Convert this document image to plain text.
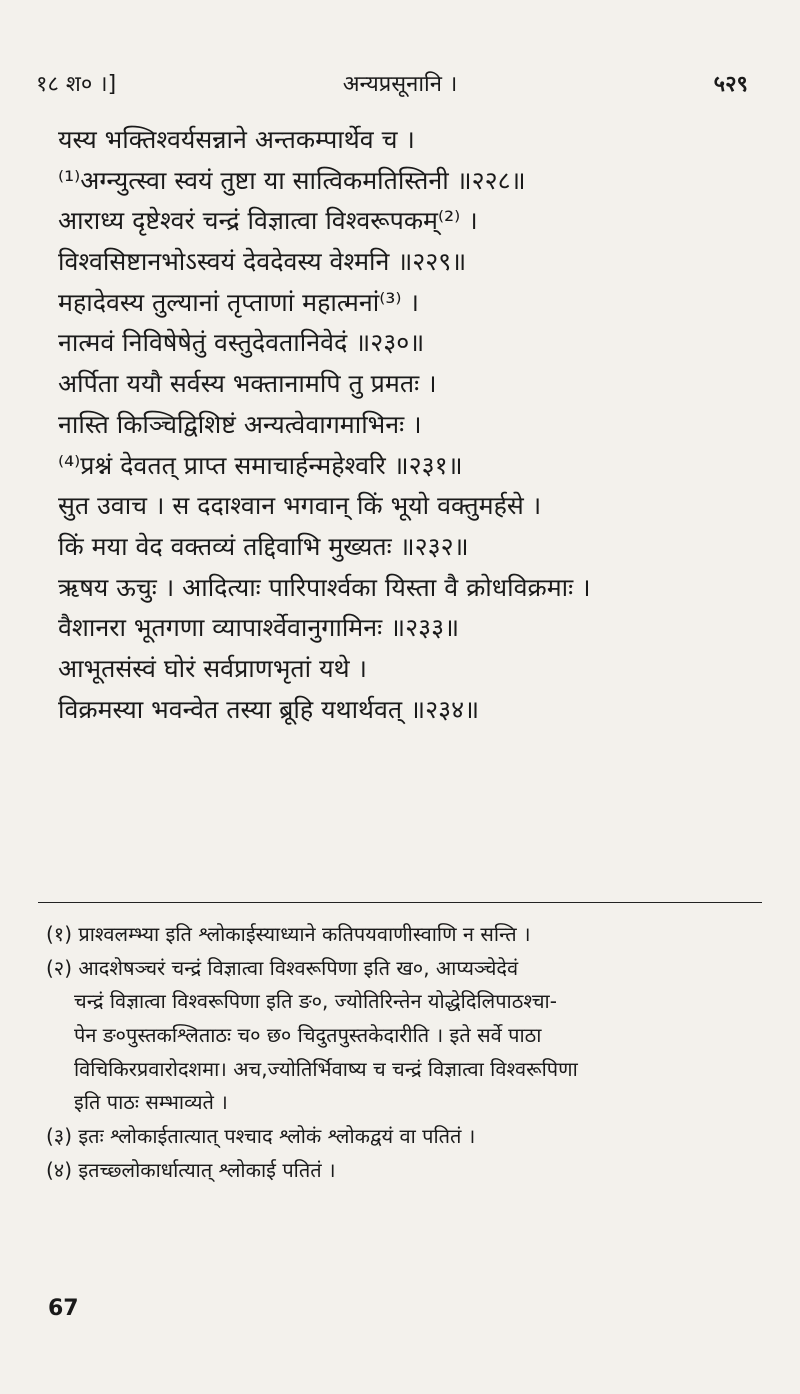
१८ श० ।]	अन्यप्रसूनानि ।	५२९
यस्य भक्तिश्वर्यसन्नाने अन्तकम्पार्थेव च ।
⁽¹⁾अग्न्युत्स्वा स्वयं तुष्टा या सात्विकमतिस्तिनी ॥२२८॥
आराध्य दृष्टेश्वरं चन्द्रं विज्ञात्वा विश्वरूपकम्⁽²⁾ ।
विश्वसिष्टानभोऽस्वयं देवदेवस्य वेश्मनि ॥२२९॥
महादेवस्य तुल्यानां तृप्ताणां महात्मनां⁽³⁾ ।
नात्मवं निविषेषेतुं वस्तुदेवतानिवेदं ॥२३०॥
अर्पिता ययौ सर्वस्य भक्तानामपि तु प्रमतः ।
नास्ति किञ्चिद्विशिष्टं अन्यत्वेवागमाभिनः ।
⁽⁴⁾प्रश्नं देवतत् प्राप्त समाचार्हन्महेश्वरि ॥२३१॥
सुत उवाच । स ददाश्वान भगवान् किं भूयो वक्तुमर्हसे ।
किं मया वेद वक्तव्यं तद्दिवाभि मुख्यतः ॥२३२॥
ऋषय ऊचुः । आदित्याः पारिपार्श्वका यिस्ता वै क्रोधविक्रमाः ।
वैशानरा भूतगणा व्यापार्श्वेवानुगामिनः ॥२३३॥
आभूतसंस्वं घोरं सर्वप्राणभृतां यथे ।
विक्रमस्या भवन्वेत तस्या ब्रूहि यथार्थवत् ॥२३४॥
(१) प्राश्वलम्भ्या इति श्लोकाईस्याध्याने कतिपयवाणीस्वाणि न सन्ति ।
(२) आदशेषञ्चरं चन्द्रं विज्ञात्वा विश्वरूपिणा इति ख०, आप्यञ्चेदेवं
चन्द्रं विज्ञात्वा विश्वरूपिणा इति ङ०, ज्योतिरिन्तेन योद्धेदिलिपाठश्चा-
पेन ङ०पुस्तकश्लिताठः च० छ० चिदुतपुस्तकेदारीति । इते सर्वे पाठा
विचिकिरप्रवारोदशमा। अच,ज्योतिर्भिवाष्य च चन्द्रं विज्ञात्वा विश्वरूपिणा
इति पाठः सम्भाव्यते ।
(३) इतः श्लोकाईतात्यात् पश्चाद श्लोकं श्लोकद्वयं वा पतितं ।
(४) इतच्छ्लोकार्धात्यात् श्लोकाई पतितं ।
67
